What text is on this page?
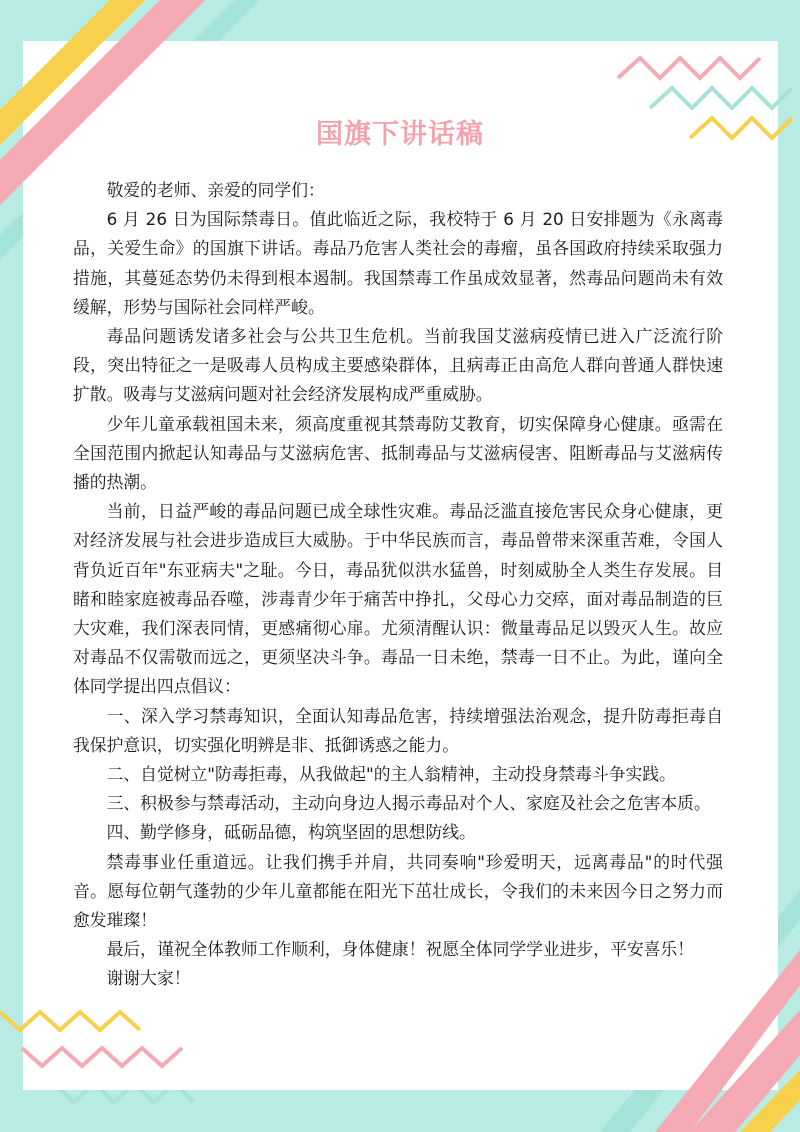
国旗下讲话稿

敬爱的老师、亲爱的同学们：

6 月 26 日为国际禁毒日。值此临近之际，我校特于 6 月 20 日安排题为《永离毒品，关爱生命》的国旗下讲话。毒品乃危害人类社会的毒瘤，虽各国政府持续采取强力措施，其蔓延态势仍未得到根本遏制。我国禁毒工作虽成效显著，然毒品问题尚未有效缓解，形势与国际社会同样严峻。

毒品问题诱发诸多社会与公共卫生危机。当前我国艾滋病疫情已进入广泛流行阶段，突出特征之一是吸毒人员构成主要感染群体，且病毒正由高危人群向普通人群快速扩散。吸毒与艾滋病问题对社会经济发展构成严重威胁。

少年儿童承载祖国未来，须高度重视其禁毒防艾教育，切实保障身心健康。亟需在全国范围内掀起认知毒品与艾滋病危害、抵制毒品与艾滋病侵害、阻断毒品与艾滋病传播的热潮。

当前，日益严峻的毒品问题已成全球性灾难。毒品泛滥直接危害民众身心健康，更对经济发展与社会进步造成巨大威胁。于中华民族而言，毒品曾带来深重苦难，令国人背负近百年"东亚病夫"之耻。今日，毒品犹似洪水猛兽，时刻威胁全人类生存发展。目睹和睦家庭被毒品吞噬，涉毒青少年于痛苦中挣扎，父母心力交瘁，面对毒品制造的巨大灾难，我们深表同情，更感痛彻心扉。尤须清醒认识：微量毒品足以毁灭人生。故应对毒品不仅需敬而远之，更须坚决斗争。毒品一日未绝，禁毒一日不止。为此，谨向全体同学提出四点倡议：

一、深入学习禁毒知识，全面认知毒品危害，持续增强法治观念，提升防毒拒毒自我保护意识，切实强化明辨是非、抵御诱惑之能力。

二、自觉树立"防毒拒毒，从我做起"的主人翁精神，主动投身禁毒斗争实践。

三、积极参与禁毒活动，主动向身边人揭示毒品对个人、家庭及社会之危害本质。

四、勤学修身，砥砺品德，构筑坚固的思想防线。

禁毒事业任重道远。让我们携手并肩，共同奏响"珍爱明天，远离毒品"的时代强音。愿每位朝气蓬勃的少年儿童都能在阳光下茁壮成长，令我们的未来因今日之努力而愈发璀璨！

最后，谨祝全体教师工作顺利，身体健康！祝愿全体同学学业进步，平安喜乐！

谢谢大家！
